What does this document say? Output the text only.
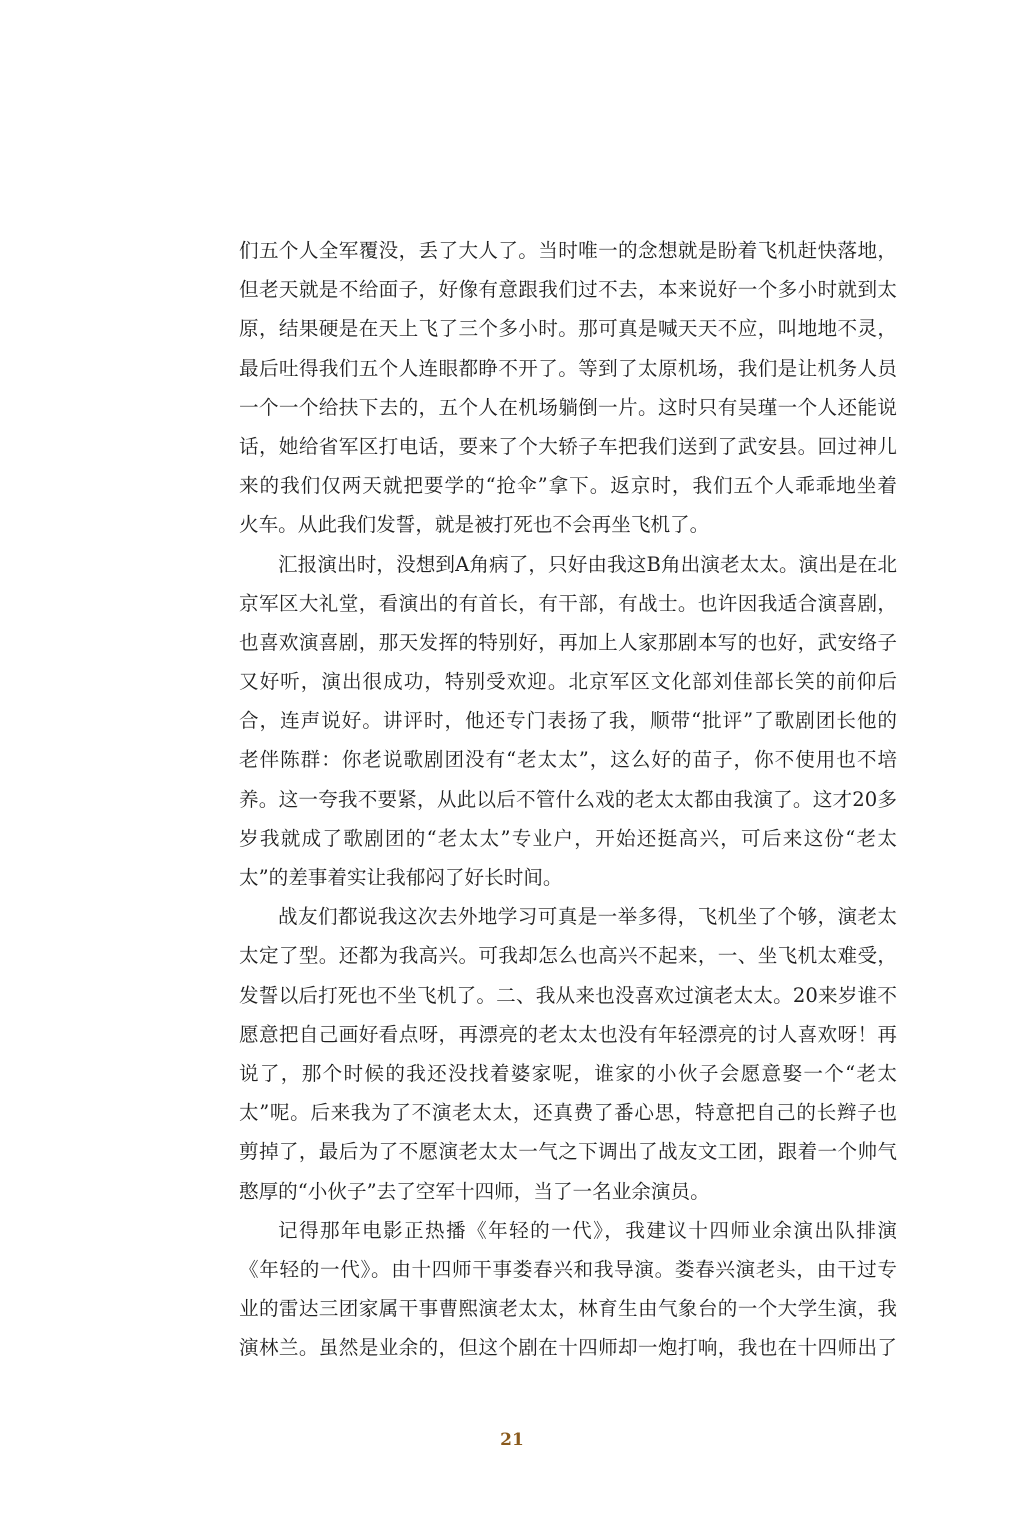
们五个人全军覆没，丢了大人了。当时唯一的念想就是盼着飞机赶快落地，
但老天就是不给面子，好像有意跟我们过不去，本来说好一个多小时就到太
原，结果硬是在天上飞了三个多小时。那可真是喊天天不应，叫地地不灵，
最后吐得我们五个人连眼都睁不开了。等到了太原机场，我们是让机务人员
一个一个给扶下去的，五个人在机场躺倒一片。这时只有吴瑾一个人还能说
话，她给省军区打电话，要来了个大轿子车把我们送到了武安县。回过神儿
来的我们仅两天就把要学的“抢伞”拿下。返京时，我们五个人乖乖地坐着
火车。从此我们发誓，就是被打死也不会再坐飞机了。
汇报演出时，没想到A角病了，只好由我这B角出演老太太。演出是在北
京军区大礼堂，看演出的有首长，有干部，有战士。也许因我适合演喜剧，
也喜欢演喜剧，那天发挥的特别好，再加上人家那剧本写的也好，武安络子
又好听，演出很成功，特别受欢迎。北京军区文化部刘佳部长笑的前仰后
合，连声说好。讲评时，他还专门表扬了我，顺带“批评”了歌剧团长他的
老伴陈群：你老说歌剧团没有“老太太”，这么好的苗子，你不使用也不培
养。这一夸我不要紧，从此以后不管什么戏的老太太都由我演了。这才20多
岁我就成了歌剧团的“老太太”专业户，开始还挺高兴，可后来这份“老太
太”的差事着实让我郁闷了好长时间。
战友们都说我这次去外地学习可真是一举多得，飞机坐了个够，演老太
太定了型。还都为我高兴。可我却怎么也高兴不起来，一、坐飞机太难受，
发誓以后打死也不坐飞机了。二、我从来也没喜欢过演老太太。20来岁谁不
愿意把自己画好看点呀，再漂亮的老太太也没有年轻漂亮的讨人喜欢呀！再
说了，那个时候的我还没找着婆家呢，谁家的小伙子会愿意娶一个“老太
太”呢。后来我为了不演老太太，还真费了番心思，特意把自己的长辫子也
剪掉了，最后为了不愿演老太太一气之下调出了战友文工团，跟着一个帅气
憨厚的“小伙子”去了空军十四师，当了一名业余演员。
记得那年电影正热播《年轻的一代》，我建议十四师业余演出队排演
《年轻的一代》。由十四师干事娄春兴和我导演。娄春兴演老头，由干过专
业的雷达三团家属干事曹熙演老太太，林育生由气象台的一个大学生演，我
演林兰。虽然是业余的，但这个剧在十四师却一炮打响，我也在十四师出了
21
